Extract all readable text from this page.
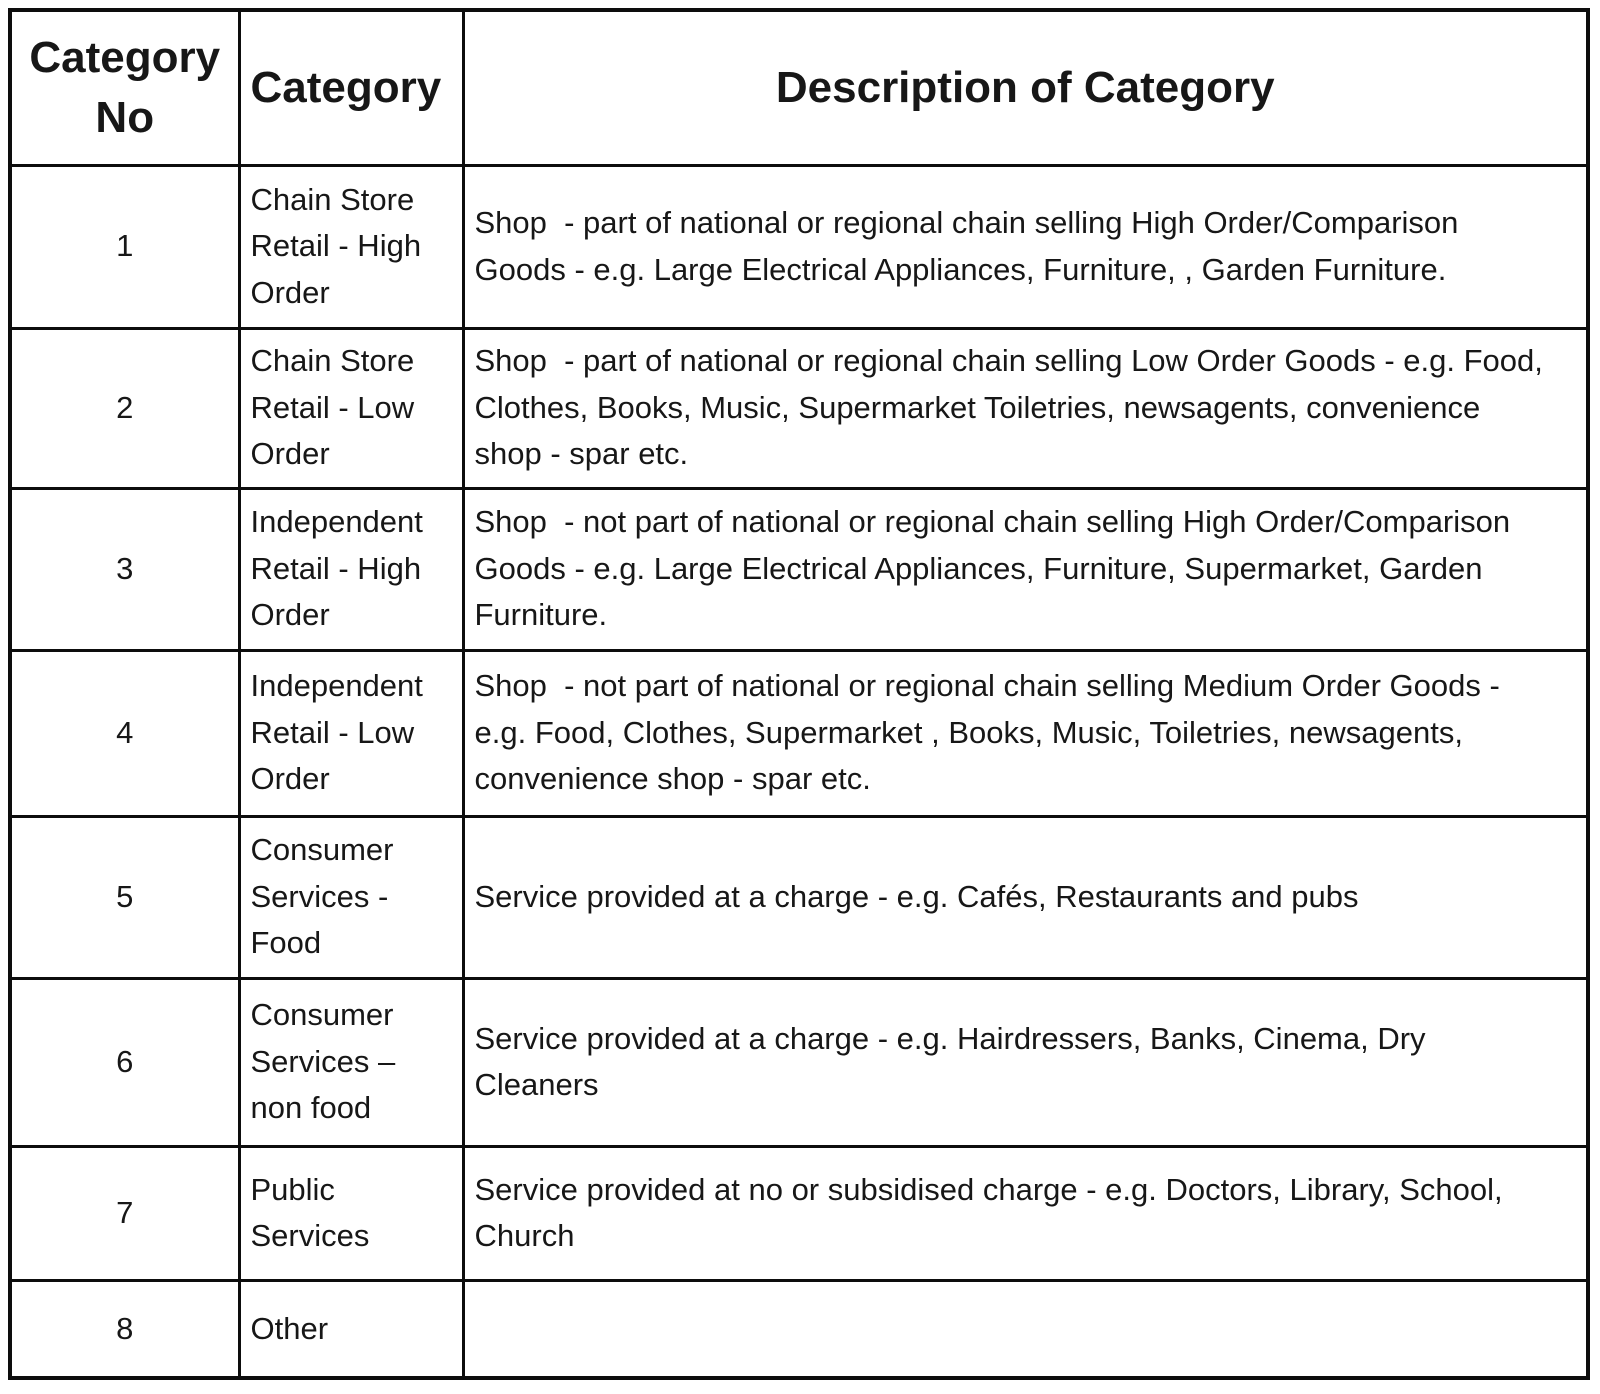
Category No	Category	Description of Category
1	Chain Store Retail - High Order	Shop  - part of national or regional chain selling High Order/Comparison Goods - e.g. Large Electrical Appliances, Furniture, , Garden Furniture.
2	Chain Store Retail - Low Order	Shop  - part of national or regional chain selling Low Order Goods - e.g. Food, Clothes, Books, Music, Supermarket Toiletries, newsagents, convenience shop - spar etc.
3	Independent Retail - High Order	Shop  - not part of national or regional chain selling High Order/Comparison Goods - e.g. Large Electrical Appliances, Furniture, Supermarket, Garden Furniture.
4	Independent Retail - Low Order	Shop  - not part of national or regional chain selling Medium Order Goods - e.g. Food, Clothes, Supermarket , Books, Music, Toiletries, newsagents, convenience shop - spar etc.
5	Consumer Services - Food	Service provided at a charge - e.g. Cafés, Restaurants and pubs
6	Consumer Services – non food	Service provided at a charge - e.g. Hairdressers, Banks, Cinema, Dry Cleaners
7	Public Services	Service provided at no or subsidised charge - e.g. Doctors, Library, School, Church
8	Other	
